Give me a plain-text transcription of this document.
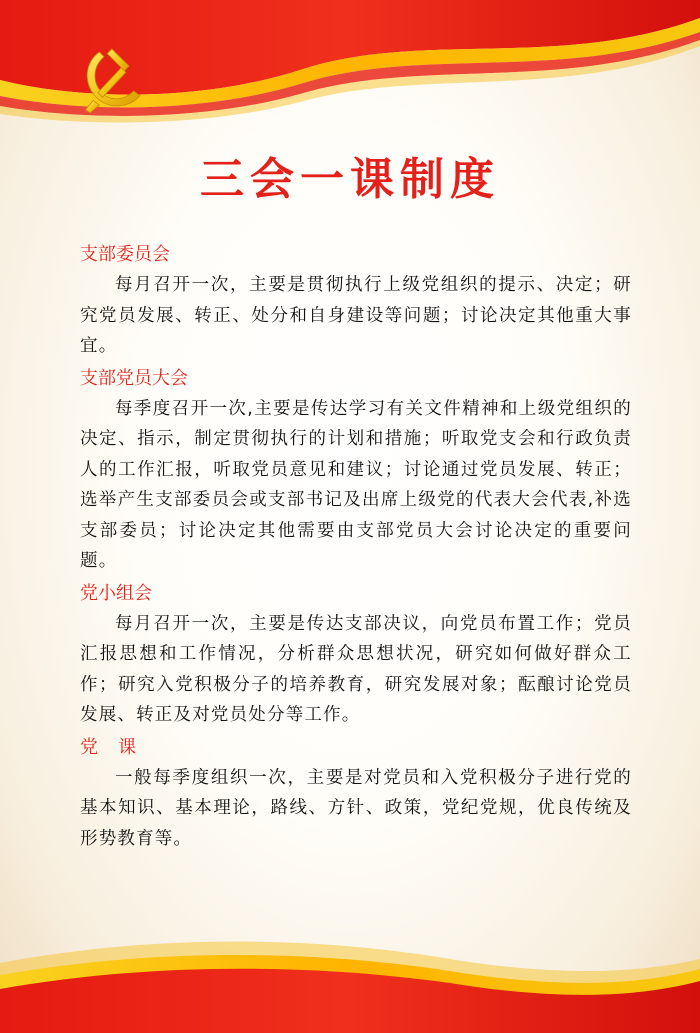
三会一课制度
支部委员会

每月召开一次，主要是贯彻执行上级党组织的提示、决定；研究党员发展、转正、处分和自身建设等问题；讨论决定其他重大事宜。

支部党员大会

每季度召开一次,主要是传达学习有关文件精神和上级党组织的决定、指示，制定贯彻执行的计划和措施；听取党支会和行政负责人的工作汇报，听取党员意见和建议；讨论通过党员发展、转正；选举产生支部委员会或支部书记及出席上级党的代表大会代表,补选支部委员；讨论决定其他需要由支部党员大会讨论决定的重要问题。

党小组会

每月召开一次，主要是传达支部决议，向党员布置工作；党员汇报思想和工作情况，分析群众思想状况，研究如何做好群众工作；研究入党积极分子的培养教育，研究发展对象；酝酿讨论党员发展、转正及对党员处分等工作。

党　课

一般每季度组织一次，主要是对党员和入党积极分子进行党的基本知识、基本理论，路线、方针、政策，党纪党规，优良传统及形势教育等。
